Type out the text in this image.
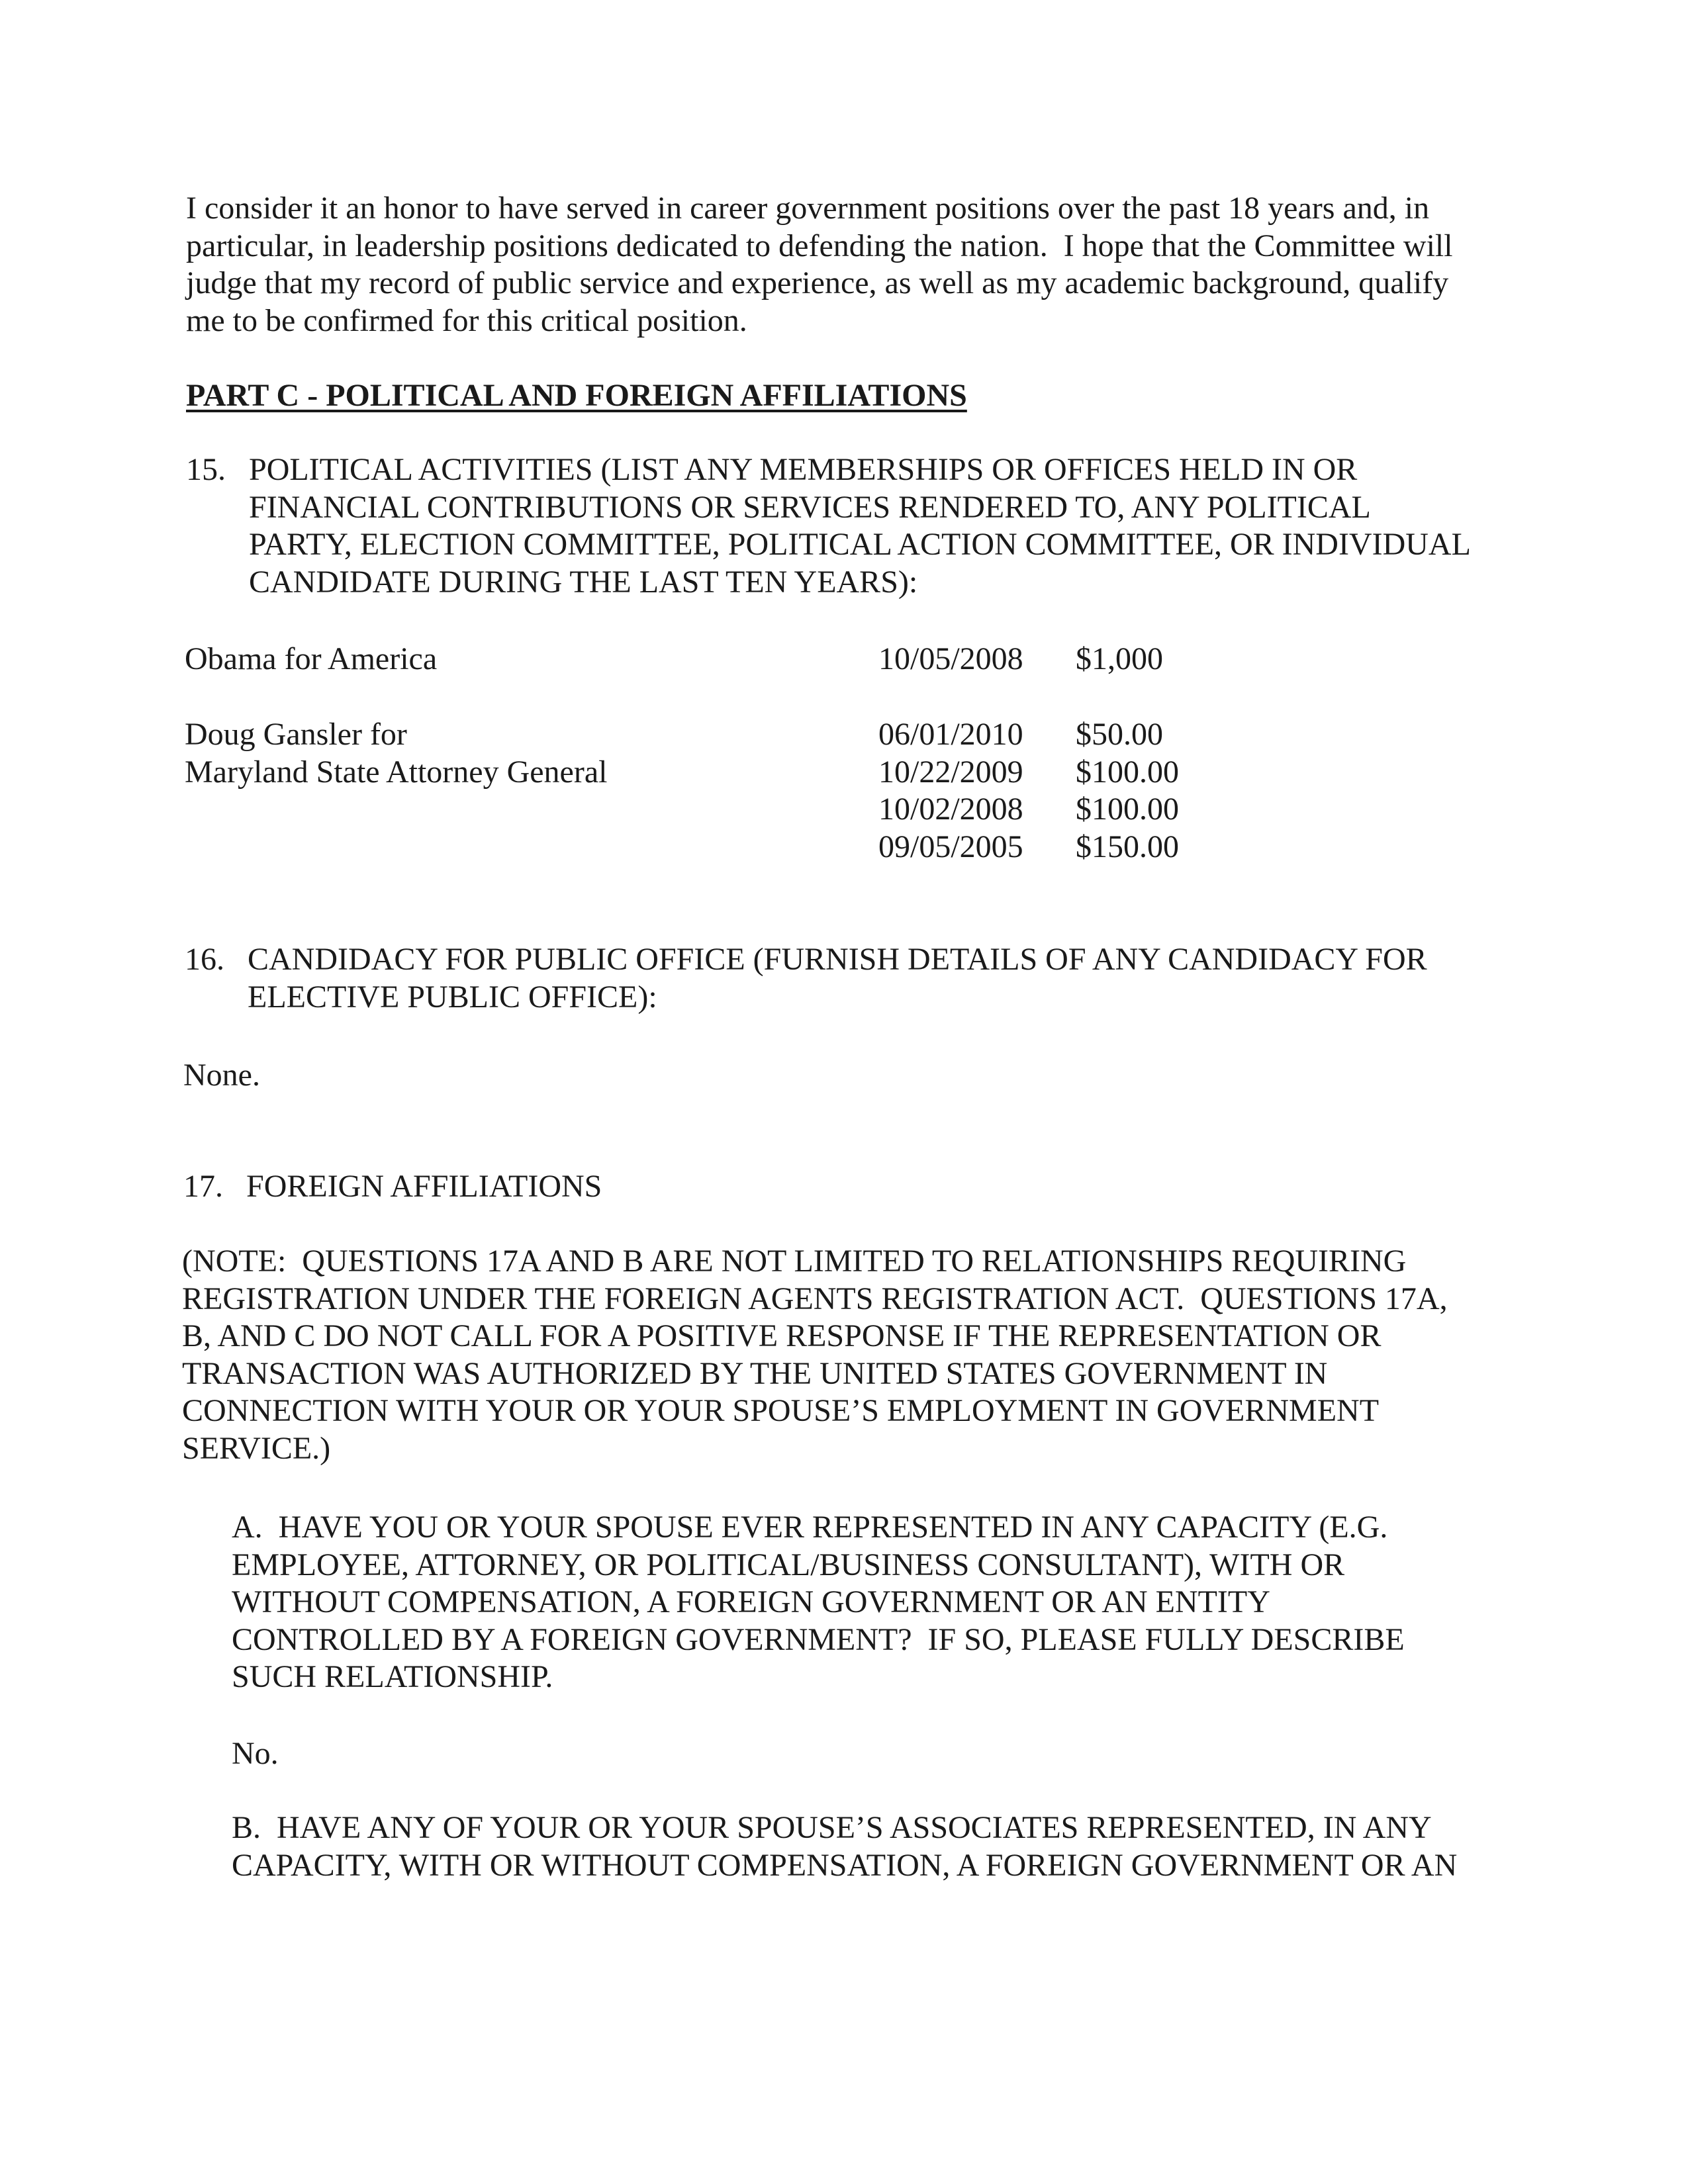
I consider it an honor to have served in career government positions over the past 18 years and, in
particular, in leadership positions dedicated to defending the nation.  I hope that the Committee will
judge that my record of public service and experience, as well as my academic background, qualify
me to be confirmed for this critical position.
PART C - POLITICAL AND FOREIGN AFFILIATIONS
15. POLITICAL ACTIVITIES (LIST ANY MEMBERSHIPS OR OFFICES HELD IN OR
FINANCIAL CONTRIBUTIONS OR SERVICES RENDERED TO, ANY POLITICAL
PARTY, ELECTION COMMITTEE, POLITICAL ACTION COMMITTEE, OR INDIVIDUAL
CANDIDATE DURING THE LAST TEN YEARS):
Obama for America	10/05/2008 $1,000
Doug Gansler for
Maryland State Attorney General
06/01/2010 $50.00
10/22/2009 $100.00
10/02/2008 $100.00
09/05/2005 $150.00
16. CANDIDACY FOR PUBLIC OFFICE (FURNISH DETAILS OF ANY CANDIDACY FOR
ELECTIVE PUBLIC OFFICE):
None.
17. FOREIGN AFFILIATIONS
(NOTE:  QUESTIONS 17A AND B ARE NOT LIMITED TO RELATIONSHIPS REQUIRING
REGISTRATION UNDER THE FOREIGN AGENTS REGISTRATION ACT.  QUESTIONS 17A,
B, AND C DO NOT CALL FOR A POSITIVE RESPONSE IF THE REPRESENTATION OR
TRANSACTION WAS AUTHORIZED BY THE UNITED STATES GOVERNMENT IN
CONNECTION WITH YOUR OR YOUR SPOUSE’S EMPLOYMENT IN GOVERNMENT
SERVICE.)
A.  HAVE YOU OR YOUR SPOUSE EVER REPRESENTED IN ANY CAPACITY (E.G.
EMPLOYEE, ATTORNEY, OR POLITICAL/BUSINESS CONSULTANT), WITH OR
WITHOUT COMPENSATION, A FOREIGN GOVERNMENT OR AN ENTITY
CONTROLLED BY A FOREIGN GOVERNMENT?  IF SO, PLEASE FULLY DESCRIBE
SUCH RELATIONSHIP.
No.
B.  HAVE ANY OF YOUR OR YOUR SPOUSE’S ASSOCIATES REPRESENTED, IN ANY
CAPACITY, WITH OR WITHOUT COMPENSATION, A FOREIGN GOVERNMENT OR AN
